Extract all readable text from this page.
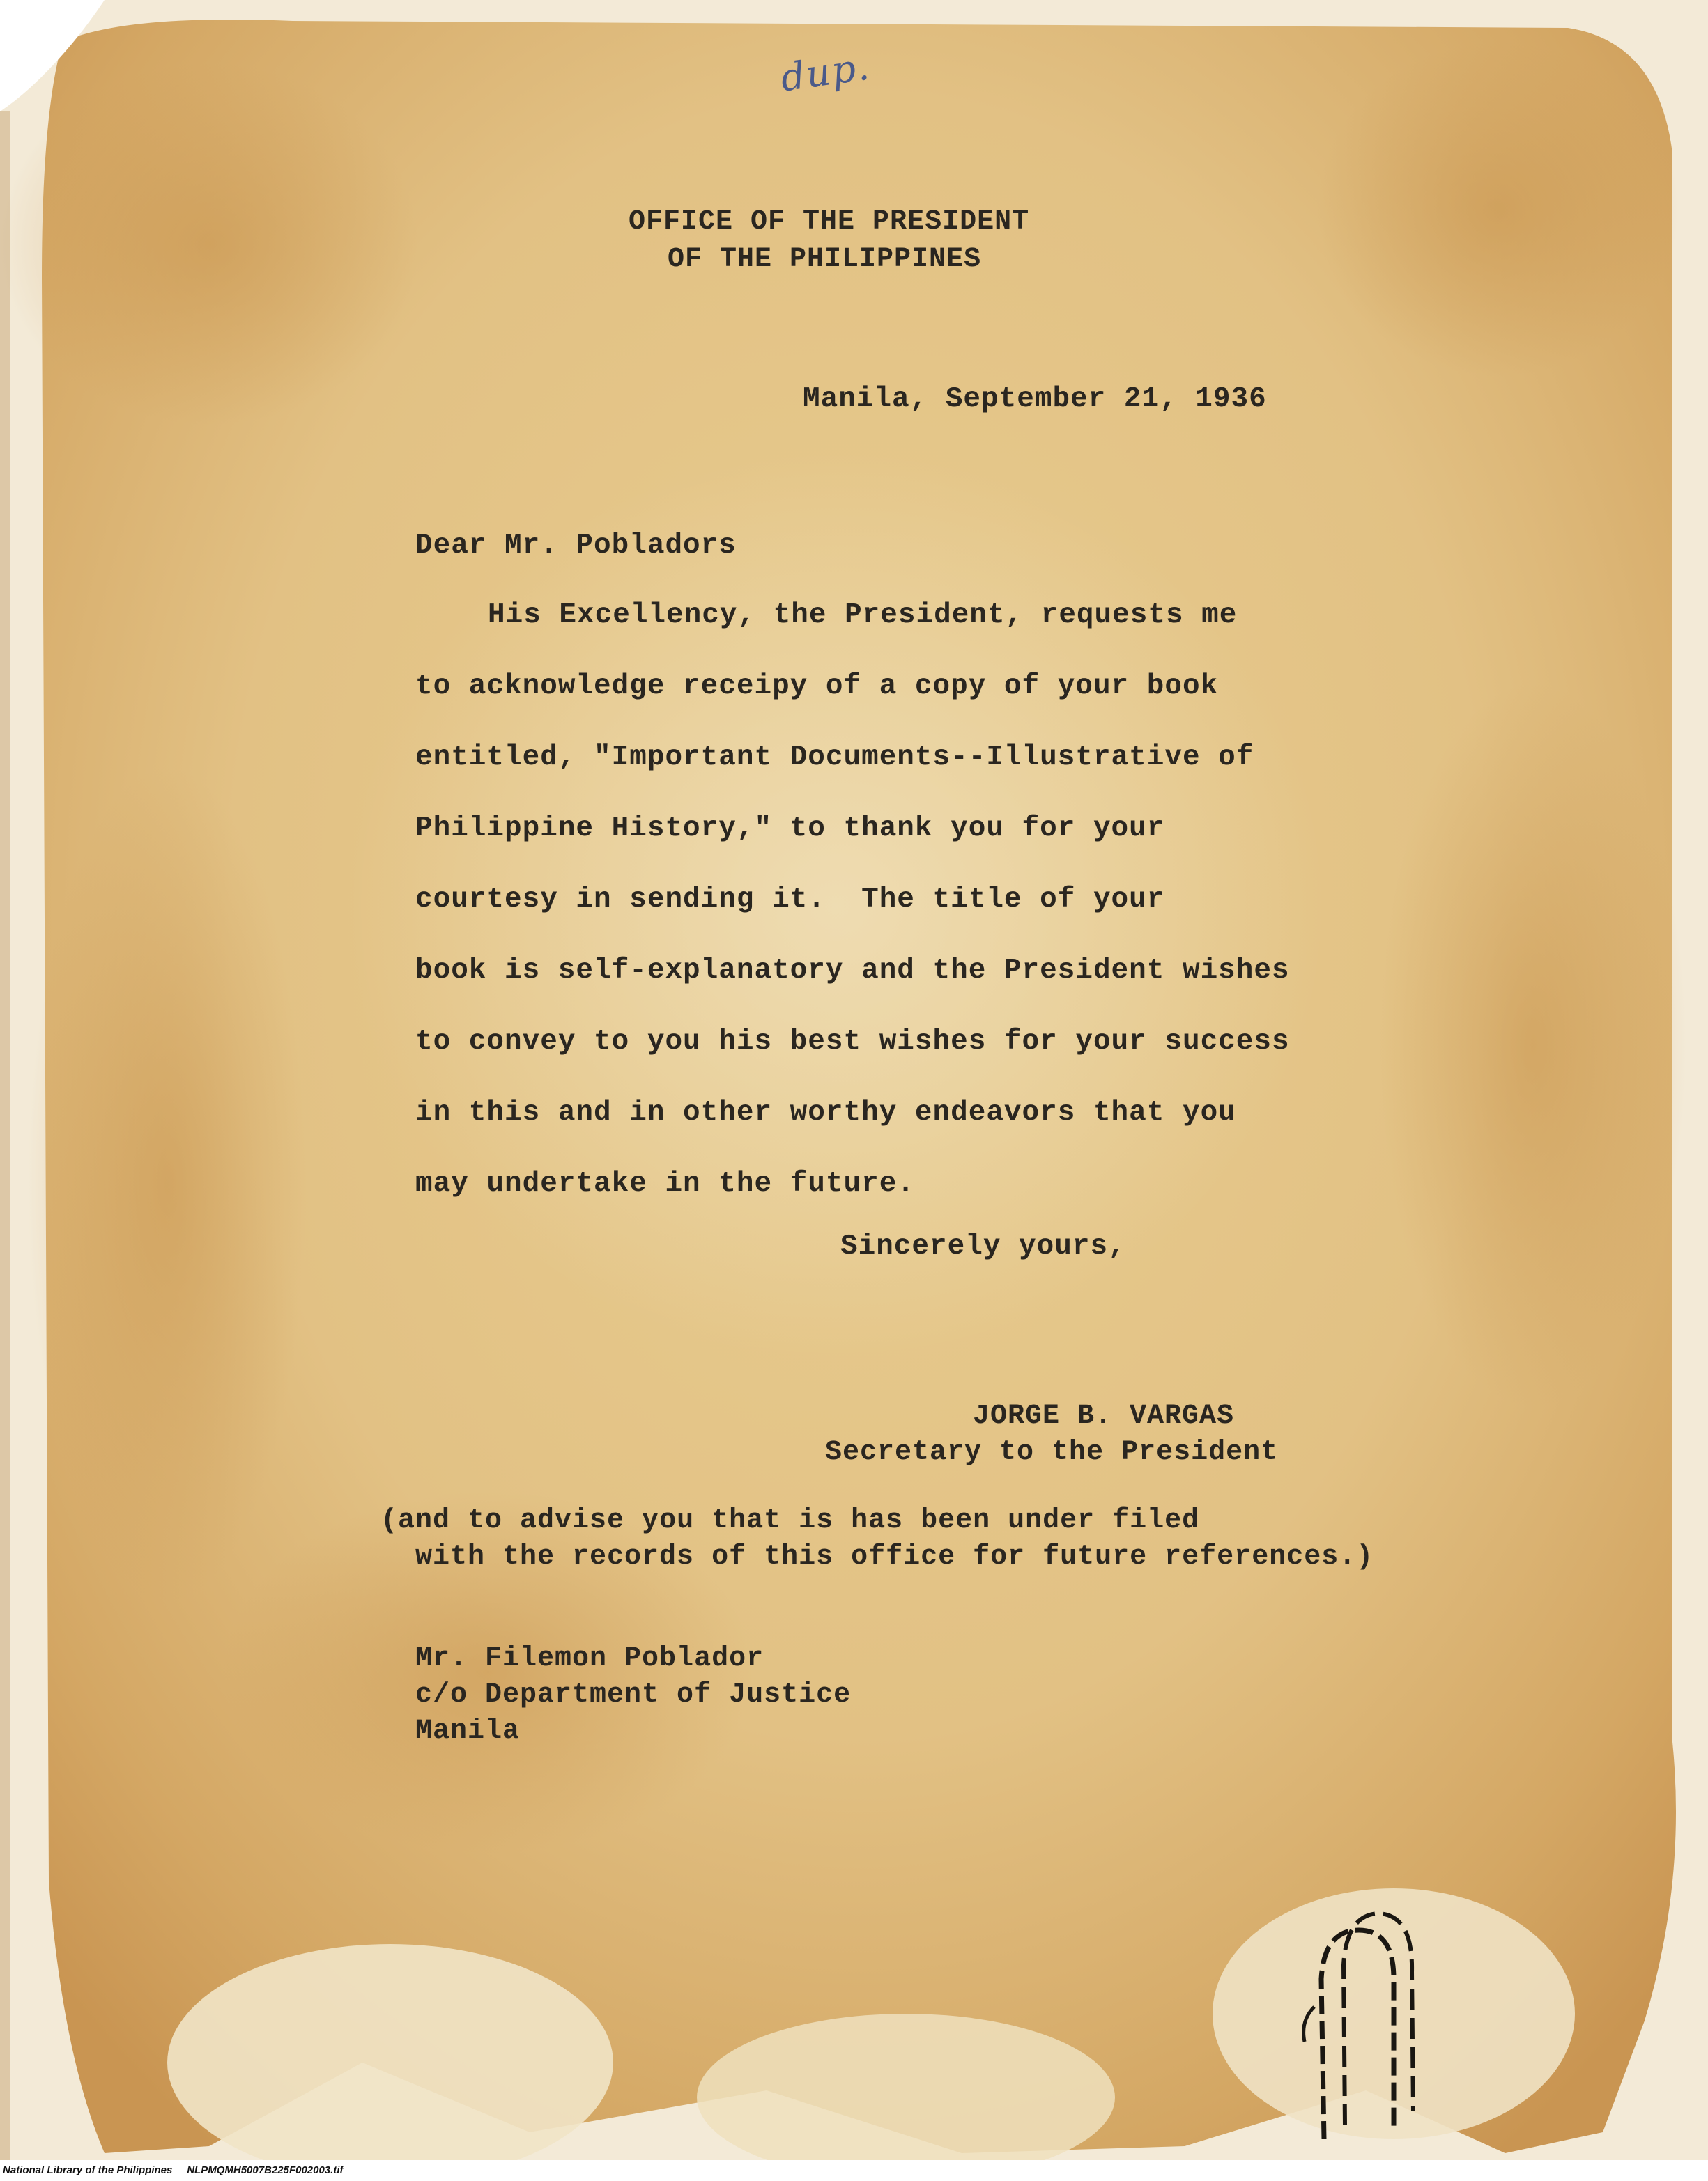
dup.
OFFICE OF THE PRESIDENT
OF THE PHILIPPINES
Manila, September 21, 1936
Dear Mr. Pobladors
His Excellency, the President, requests me
to acknowledge receipy of a copy of your book
entitled, "Important Documents--Illustrative of
Philippine History," to thank you for your
courtesy in sending it.  The title of your
book is self-explanatory and the President wishes
to convey to you his best wishes for your success
in this and in other worthy endeavors that you
may undertake in the future.
Sincerely yours,
JORGE B. VARGAS
Secretary to the President
(and to advise you that is has been under filed
with the records of this office for future references.)
Mr. Filemon Poblador
c/o Department of Justice
Manila
National Library of the Philippines NLPMQMH5007B225F002003.tif
